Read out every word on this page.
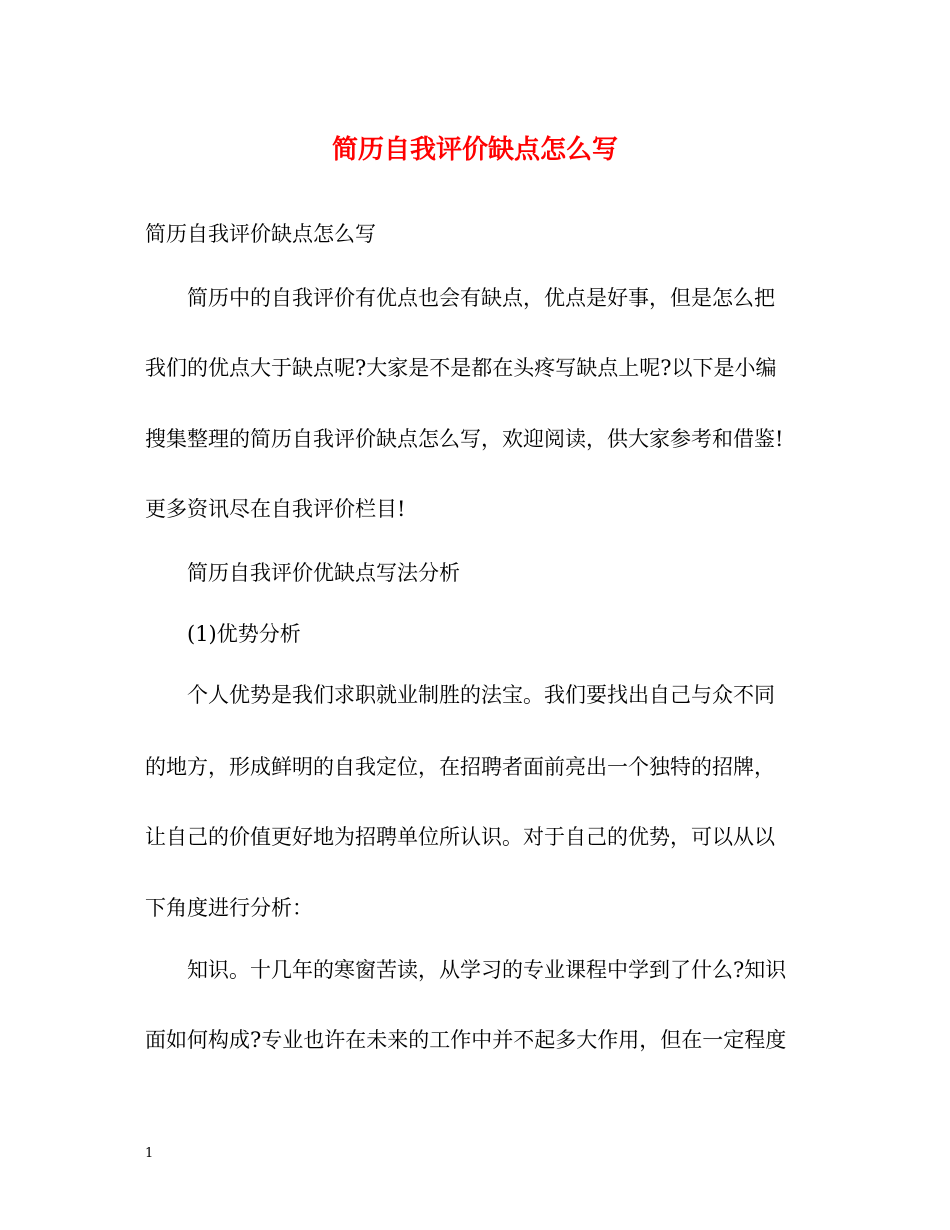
简历自我评价缺点怎么写
简历自我评价缺点怎么写
简历中的自我评价有优点也会有缺点，优点是好事，但是怎么把
我们的优点大于缺点呢?大家是不是都在头疼写缺点上呢?以下是小编
搜集整理的简历自我评价缺点怎么写，欢迎阅读，供大家参考和借鉴!
更多资讯尽在自我评价栏目!
简历自我评价优缺点写法分析
(1)优势分析
个人优势是我们求职就业制胜的法宝。我们要找出自己与众不同
的地方，形成鲜明的自我定位，在招聘者面前亮出一个独特的招牌，
让自己的价值更好地为招聘单位所认识。对于自己的优势，可以从以
下角度进行分析：
知识。十几年的寒窗苦读，从学习的专业课程中学到了什么?知识
面如何构成?专业也许在未来的工作中并不起多大作用，但在一定程度
1
